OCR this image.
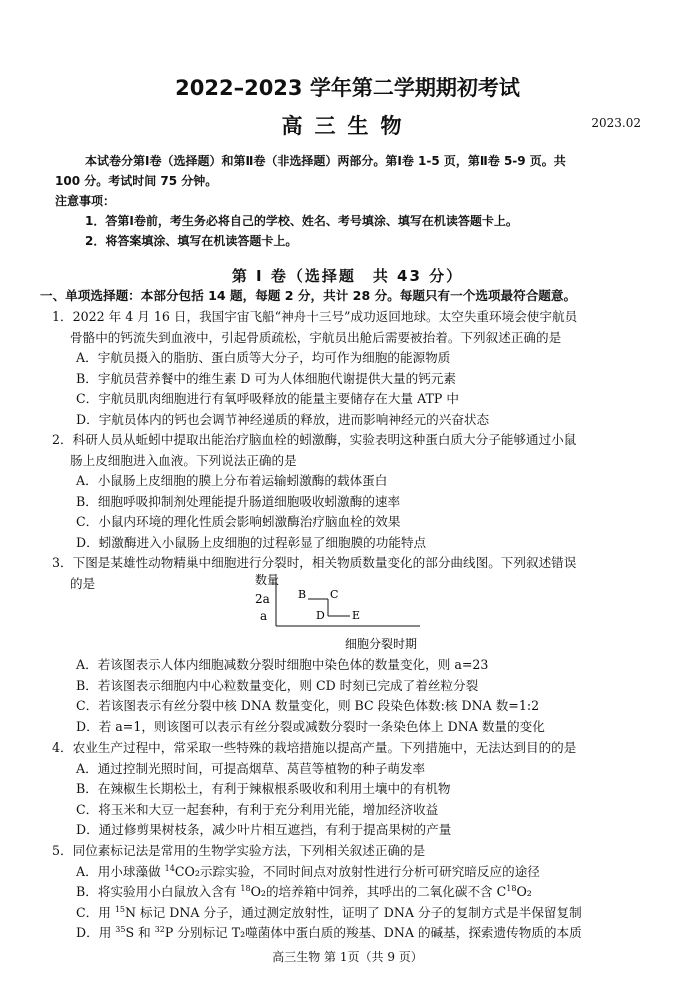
2022–2023 学年第二学期期初考试
高三生物	2023.02
本试卷分第Ⅰ卷（选择题）和第Ⅱ卷（非选择题）两部分。第Ⅰ卷 1-5 页，第Ⅱ卷 5-9 页。共
100 分。考试时间 75 分钟。
注意事项：
1．答第Ⅰ卷前，考生务必将自己的学校、姓名、考号填涂、填写在机读答题卡上。
2．将答案填涂、填写在机读答题卡上。
第 Ⅰ 卷（选择题　共 43 分）
一、单项选择题：本部分包括 14 题，每题 2 分，共计 28 分。每题只有一个选项最符合题意。
1．2022 年 4 月 16 日，我国宇宙飞船“神舟十三号”成功返回地球。太空失重环境会使宇航员
骨骼中的钙流失到血液中，引起骨质疏松，宇航员出舱后需要被抬着。下列叙述正确的是
A．宇航员摄入的脂肪、蛋白质等大分子，均可作为细胞的能源物质
B．宇航员营养餐中的维生素 D 可为人体细胞代谢提供大量的钙元素
C．宇航员肌肉细胞进行有氧呼吸释放的能量主要储存在大量 ATP 中
D．宇航员体内的钙也会调节神经递质的释放，进而影响神经元的兴奋状态
2．科研人员从蚯蚓中提取出能治疗脑血栓的蚓激酶，实验表明这种蛋白质大分子能够通过小鼠
肠上皮细胞进入血液。下列说法正确的是
A．小鼠肠上皮细胞的膜上分布着运输蚓激酶的载体蛋白
B．细胞呼吸抑制剂处理能提升肠道细胞吸收蚓激酶的速率
C．小鼠内环境的理化性质会影响蚓激酶治疗脑血栓的效果
D．蚓激酶进入小鼠肠上皮细胞的过程彰显了细胞膜的功能特点
3．下图是某雄性动物精巢中细胞进行分裂时，相关物质数量变化的部分曲线图。下列叙述错误
的是	数量
2a
a
B C
D E
细胞分裂时期
A．若该图表示人体内细胞减数分裂时细胞中染色体的数量变化，则 a=23
B．若该图表示细胞内中心粒数量变化，则 CD 时刻已完成了着丝粒分裂
C．若该图表示有丝分裂中核 DNA 数量变化，则 BC 段染色体数:核 DNA 数=1:2
D．若 a=1，则该图可以表示有丝分裂或减数分裂时一条染色体上 DNA 数量的变化
4．农业生产过程中，常采取一些特殊的栽培措施以提高产量。下列措施中，无法达到目的的是
A．通过控制光照时间，可提高烟草、莴苣等植物的种子萌发率
B．在辣椒生长期松土，有利于辣椒根系吸收和利用土壤中的有机物
C．将玉米和大豆一起套种，有利于充分利用光能，增加经济收益
D．通过修剪果树枝条，减少叶片相互遮挡，有利于提高果树的产量
5．同位素标记法是常用的生物学实验方法，下列相关叙述正确的是
A．用小球藻做 $^{14}$CO₂示踪实验，不同时间点对放射性进行分析可研究暗反应的途径
B．将实验用小白鼠放入含有 $^{18}$O₂的培养箱中饲养，其呼出的二氧化碳不含 $C^{18}O_2$
C．用 $^{15}$N 标记 DNA 分子，通过测定放射性，证明了 DNA 分子的复制方式是半保留复制
D．用 $^{35}$S 和 $^{32}$P 分别标记 T₂噬菌体中蛋白质的羧基、DNA 的碱基，探索遗传物质的本质
高三生物 第 1页（共 9 页）
